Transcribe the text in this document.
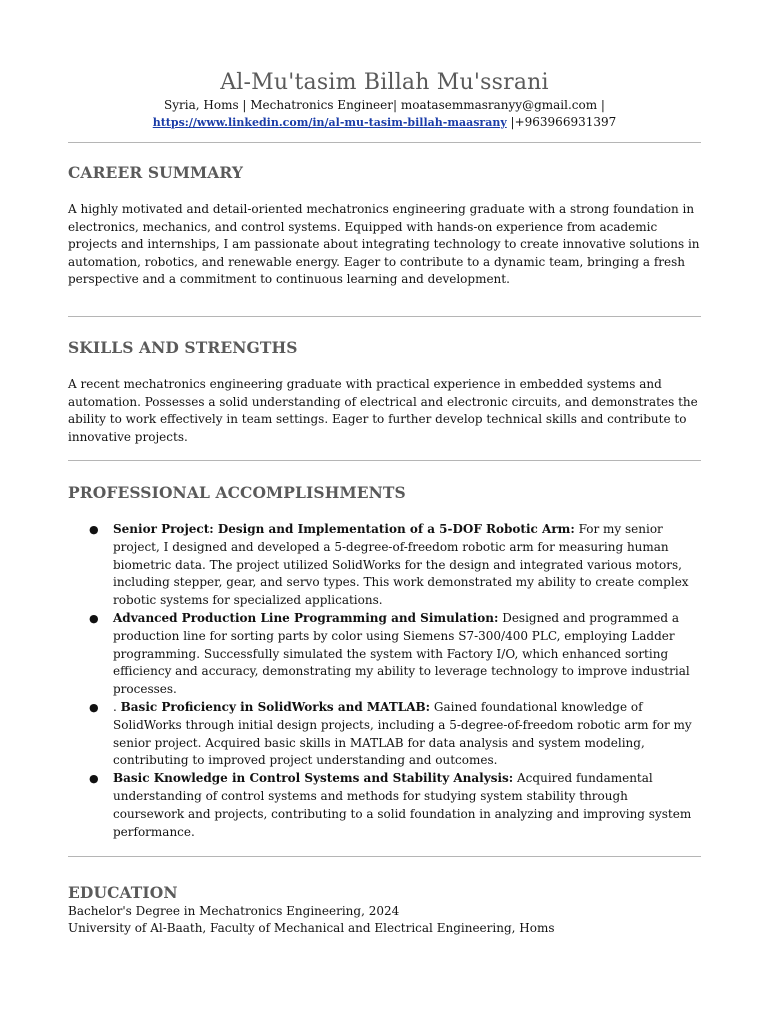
Al-Mu'tasim Billah Mu'ssrani
Syria, Homs | Mechatronics Engineer| moatasemmasranyy@gmail.com | https://www.linkedin.com/in/al-mu-tasim-billah-maasrany |+963966931397
CAREER SUMMARY
A highly motivated and detail-oriented mechatronics engineering graduate with a strong foundation in electronics, mechanics, and control systems. Equipped with hands-on experience from academic projects and internships, I am passionate about integrating technology to create innovative solutions in automation, robotics, and renewable energy. Eager to contribute to a dynamic team, bringing a fresh perspective and a commitment to continuous learning and development.
SKILLS AND STRENGTHS
A recent mechatronics engineering graduate with practical experience in embedded systems and automation. Possesses a solid understanding of electrical and electronic circuits, and demonstrates the ability to work effectively in team settings. Eager to further develop technical skills and contribute to innovative projects.
PROFESSIONAL ACCOMPLISHMENTS
● Senior Project: Design and Implementation of a 5-DOF Robotic Arm: For my senior project, I designed and developed a 5-degree-of-freedom robotic arm for measuring human biometric data. The project utilized SolidWorks for the design and integrated various motors, including stepper, gear, and servo types. This work demonstrated my ability to create complex robotic systems for specialized applications.
● Advanced Production Line Programming and Simulation: Designed and programmed a production line for sorting parts by color using Siemens S7-300/400 PLC, employing Ladder programming. Successfully simulated the system with Factory I/O, which enhanced sorting efficiency and accuracy, demonstrating my ability to leverage technology to improve industrial processes.
● . Basic Proficiency in SolidWorks and MATLAB: Gained foundational knowledge of SolidWorks through initial design projects, including a 5-degree-of-freedom robotic arm for my senior project. Acquired basic skills in MATLAB for data analysis and system modeling, contributing to improved project understanding and outcomes.
● Basic Knowledge in Control Systems and Stability Analysis: Acquired fundamental understanding of control systems and methods for studying system stability through coursework and projects, contributing to a solid foundation in analyzing and improving system performance.
EDUCATION
Bachelor's Degree in Mechatronics Engineering, 2024
University of Al-Baath, Faculty of Mechanical and Electrical Engineering, Homs
